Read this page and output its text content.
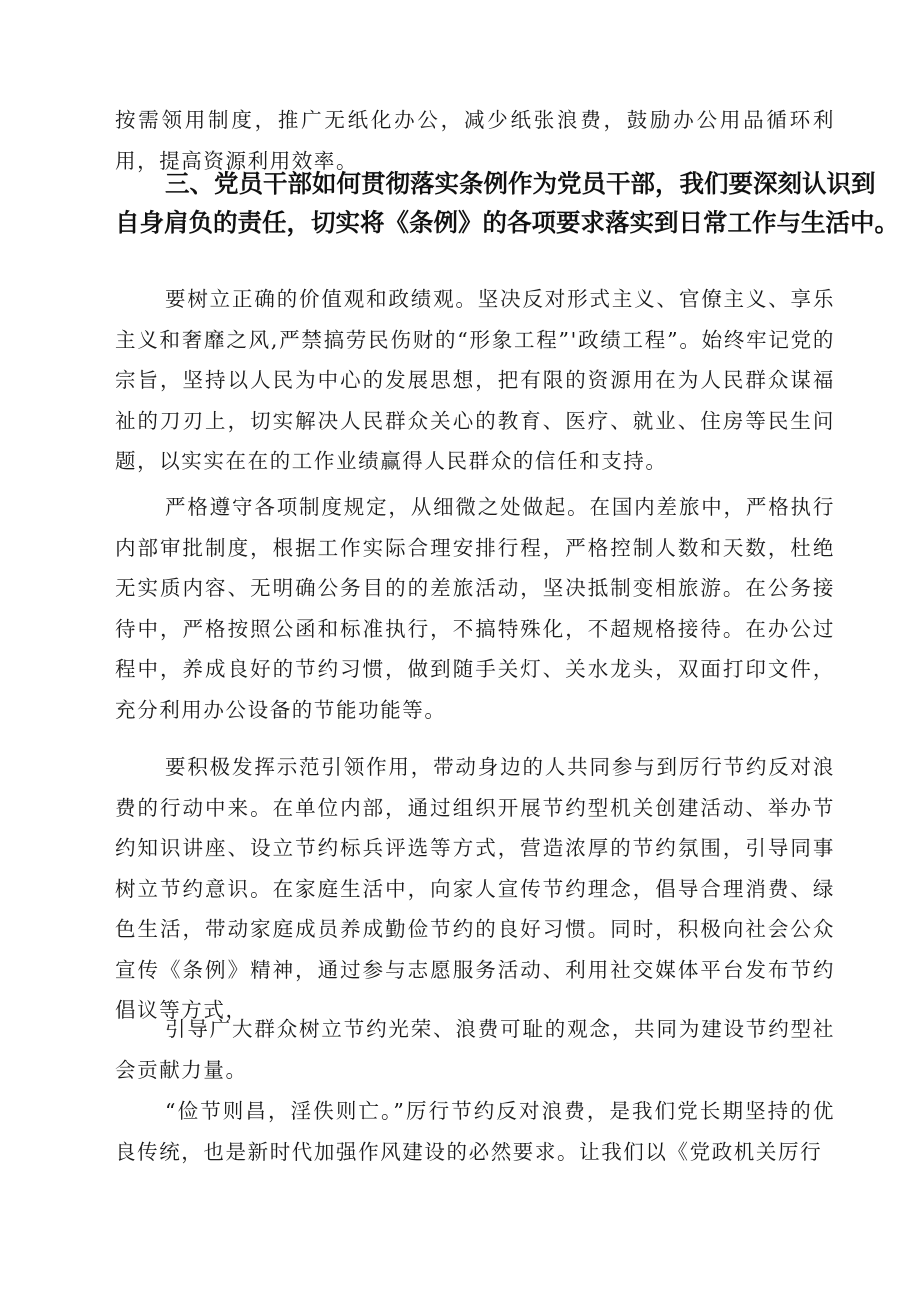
按需领用制度，推广无纸化办公，减少纸张浪费，鼓励办公用品循环利用，提高资源利用效率。

三、党员干部如何贯彻落实条例作为党员干部，我们要深刻认识到
自身肩负的责任，切实将《条例》的各项要求落实到日常工作与生活中。

要树立正确的价值观和政绩观。坚决反对形式主义、官僚主义、享乐主义和奢靡之风,严禁搞劳民伤财的“形象工程”'政绩工程”。始终牢记党的宗旨，坚持以人民为中心的发展思想，把有限的资源用在为人民群众谋福祉的刀刃上，切实解决人民群众关心的教育、医疗、就业、住房等民生问题，以实实在在的工作业绩赢得人民群众的信任和支持。

严格遵守各项制度规定，从细微之处做起。在国内差旅中，严格执行内部审批制度，根据工作实际合理安排行程，严格控制人数和天数，杜绝无实质内容、无明确公务目的的差旅活动，坚决抵制变相旅游。在公务接待中，严格按照公函和标准执行，不搞特殊化，不超规格接待。在办公过程中，养成良好的节约习惯，做到随手关灯、关水龙头，双面打印文件，充分利用办公设备的节能功能等。

要积极发挥示范引领作用，带动身边的人共同参与到厉行节约反对浪费的行动中来。在单位内部，通过组织开展节约型机关创建活动、举办节约知识讲座、设立节约标兵评选等方式，营造浓厚的节约氛围，引导同事树立节约意识。在家庭生活中，向家人宣传节约理念，倡导合理消费、绿色生活，带动家庭成员养成勤俭节约的良好习惯。同时，积极向社会公众宣传《条例》精神，通过参与志愿服务活动、利用社交媒体平台发布节约倡议等方式，

引导广大群众树立节约光荣、浪费可耻的观念，共同为建设节约型社会贡献力量。

“俭节则昌，淫佚则亡。”厉行节约反对浪费，是我们党长期坚持的优良传统，也是新时代加强作风建设的必然要求。让我们以《党政机关厉行
